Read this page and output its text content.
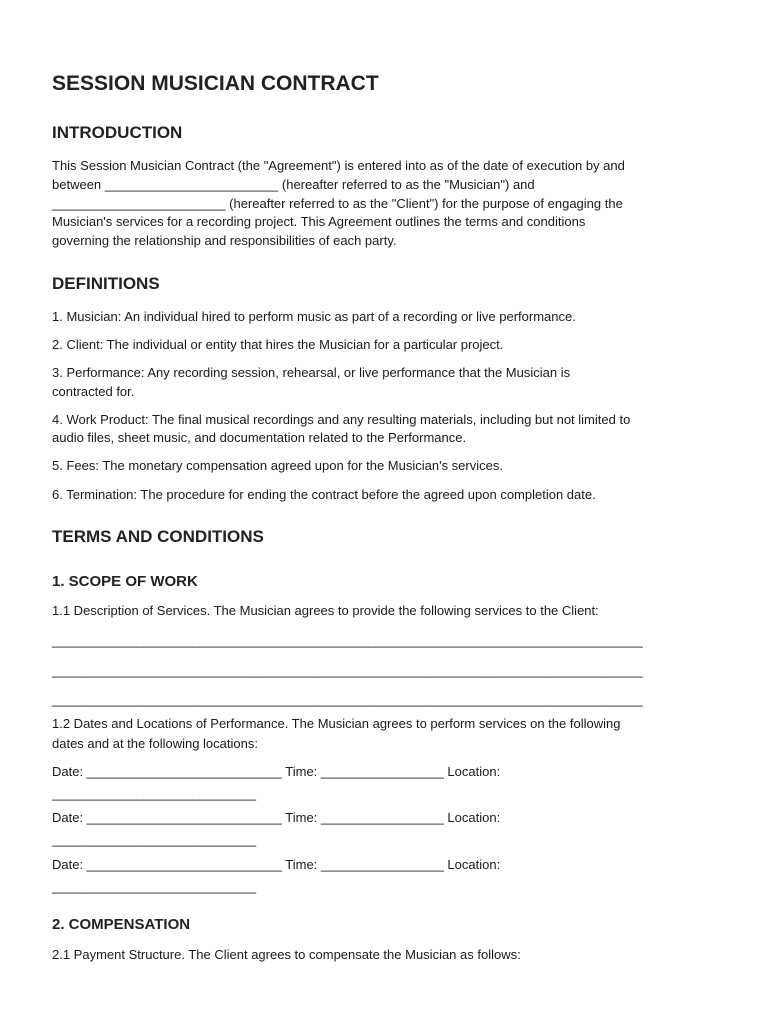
SESSION MUSICIAN CONTRACT
INTRODUCTION
This Session Musician Contract (the "Agreement") is entered into as of the date of execution by and
between ________________________ (hereafter referred to as the "Musician") and
________________________ (hereafter referred to as the "Client") for the purpose of engaging the
Musician's services for a recording project. This Agreement outlines the terms and conditions
governing the relationship and responsibilities of each party.
DEFINITIONS
1. Musician: An individual hired to perform music as part of a recording or live performance.
2. Client: The individual or entity that hires the Musician for a particular project.
3. Performance: Any recording session, rehearsal, or live performance that the Musician is
contracted for.
4. Work Product: The final musical recordings and any resulting materials, including but not limited to
audio files, sheet music, and documentation related to the Performance.
5. Fees: The monetary compensation agreed upon for the Musician's services.
6. Termination: The procedure for ending the contract before the agreed upon completion date.
TERMS AND CONDITIONS
1. SCOPE OF WORK
1.1 Description of Services. The Musician agrees to provide the following services to the Client:
____________________________________________________________________________________
____________________________________________________________________________________
____________________________________________________________________________________
1.2 Dates and Locations of Performance. The Musician agrees to perform services on the following
dates and at the following locations:
Date: ___________________________ Time: _________________ Location:
_____________________________
Date: ___________________________ Time: _________________ Location:
_____________________________
Date: ___________________________ Time: _________________ Location:
_____________________________
2. COMPENSATION
2.1 Payment Structure. The Client agrees to compensate the Musician as follows:
